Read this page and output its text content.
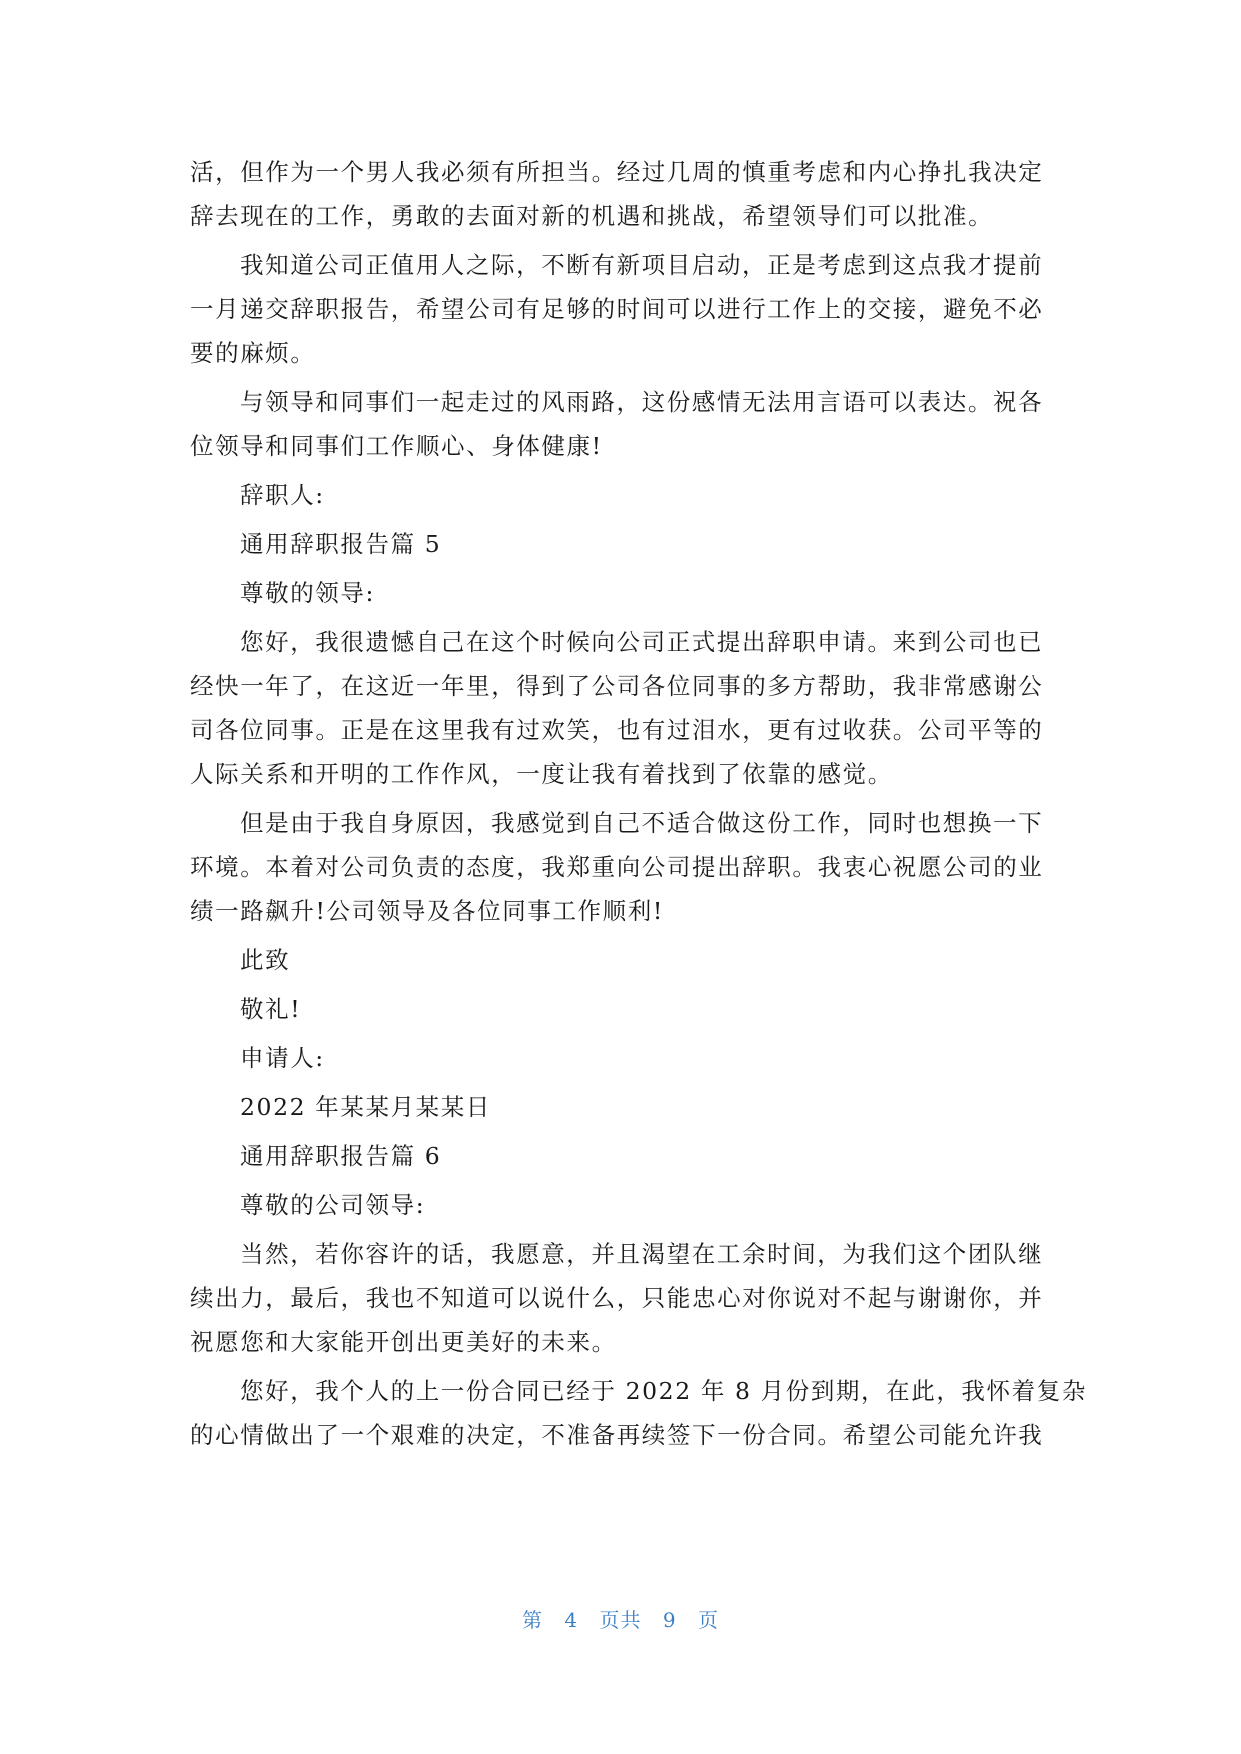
活，但作为一个男人我必须有所担当。经过几周的慎重考虑和内心挣扎我决定
辞去现在的工作，勇敢的去面对新的机遇和挑战，希望领导们可以批准。
我知道公司正值用人之际，不断有新项目启动，正是考虑到这点我才提前
一月递交辞职报告，希望公司有足够的时间可以进行工作上的交接，避免不必
要的麻烦。
与领导和同事们一起走过的风雨路，这份感情无法用言语可以表达。祝各
位领导和同事们工作顺心、身体健康!
辞职人:
通用辞职报告篇 5
尊敬的领导:
您好，我很遗憾自己在这个时候向公司正式提出辞职申请。来到公司也已
经快一年了，在这近一年里，得到了公司各位同事的多方帮助，我非常感谢公
司各位同事。正是在这里我有过欢笑，也有过泪水，更有过收获。公司平等的
人际关系和开明的工作作风，一度让我有着找到了依靠的感觉。
但是由于我自身原因，我感觉到自己不适合做这份工作，同时也想换一下
环境。本着对公司负责的态度，我郑重向公司提出辞职。我衷心祝愿公司的业
绩一路飙升!公司领导及各位同事工作顺利!
此致
敬礼!
申请人:
2022 年某某月某某日
通用辞职报告篇 6
尊敬的公司领导:
当然，若你容许的话，我愿意，并且渴望在工余时间，为我们这个团队继
续出力，最后，我也不知道可以说什么，只能忠心对你说对不起与谢谢你，并
祝愿您和大家能开创出更美好的未来。
您好，我个人的上一份合同已经于 2022 年 8 月份到期，在此，我怀着复杂
的心情做出了一个艰难的决定，不准备再续签下一份合同。希望公司能允许我
第 4 页共 9 页
